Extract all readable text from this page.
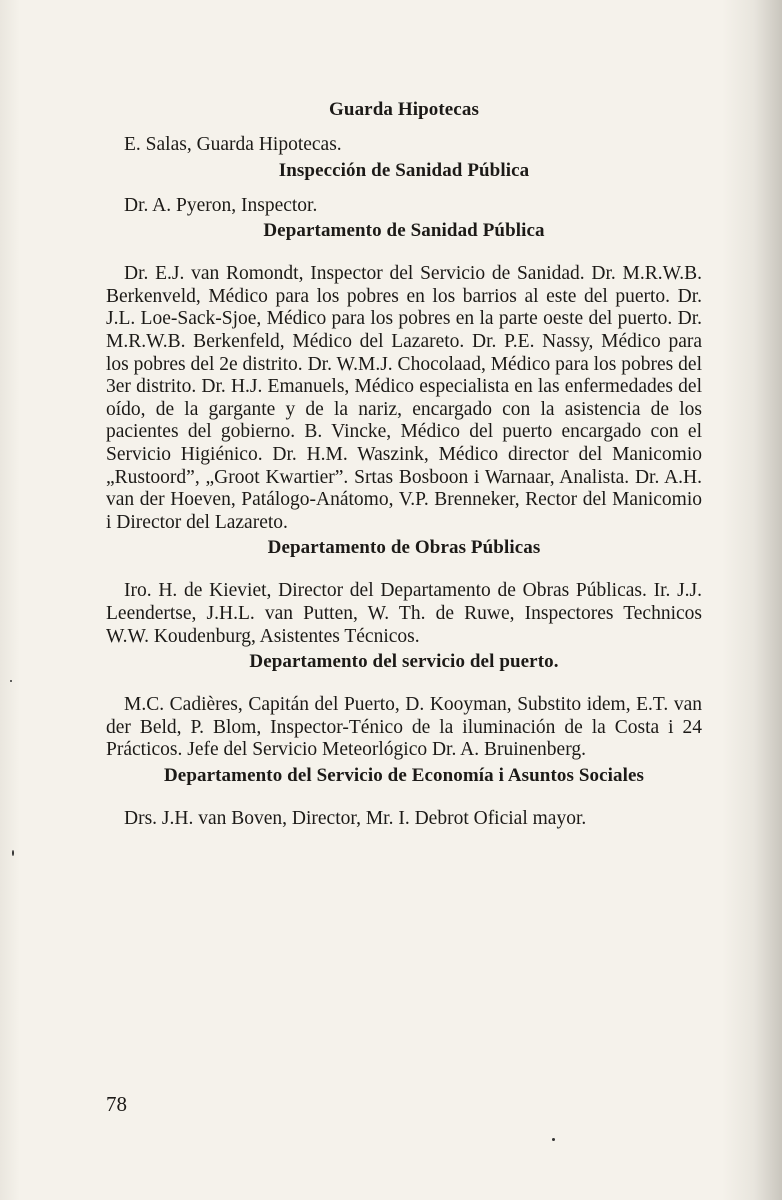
Guarda Hipotecas

E. Salas, Guarda Hipotecas.

Inspección de Sanidad Pública

Dr. A. Pyeron, Inspector.

Departamento de Sanidad Pública

Dr. E.J. van Romondt, Inspector del Servicio de Sanidad. Dr. M.R.W.B. Berkenveld, Médico para los pobres en los barrios al este del puerto. Dr. J.L. Loe-Sack-Sjoe, Médico para los pobres en la parte oeste del puerto. Dr. M.R.W.B. Berkenfeld, Médico del Lazareto. Dr. P.E. Nassy, Médico para los pobres del 2e distrito. Dr. W.M.J. Chocolaad, Médico para los pobres del 3er distrito. Dr. H.J. Emanuels, Médico especialista en las enfermedades del oído, de la gargante y de la nariz, encargado con la asistencia de los pacientes del gobierno. B. Vincke, Médico del puerto encargado con el Servicio Higiénico. Dr. H.M. Waszink, Médico director del Manicomio „Rustoord”, „Groot Kwartier”. Srtas Bosboon i Warnaar, Analista. Dr. A.H. van der Hoeven, Patálogo-Anátomo, V.P. Brenneker, Rector del Manicomio i Director del Lazareto.

Departamento de Obras Públicas

Iro. H. de Kieviet, Director del Departamento de Obras Públicas. Ir. J.J. Leendertse, J.H.L. van Putten, W. Th. de Ruwe, Inspectores Technicos W.W. Koudenburg, Asistentes Técnicos.

Departamento del servicio del puerto.

M.C. Cadières, Capitán del Puerto, D. Kooyman, Substito idem, E.T. van der Beld, P. Blom, Inspector-Ténico de la iluminación de la Costa i 24 Prácticos. Jefe del Servicio Meteorlógico Dr. A. Bruinenberg.

Departamento del Servicio de Economía i Asuntos Sociales

Drs. J.H. van Boven, Director, Mr. I. Debrot Oficial mayor.

78
